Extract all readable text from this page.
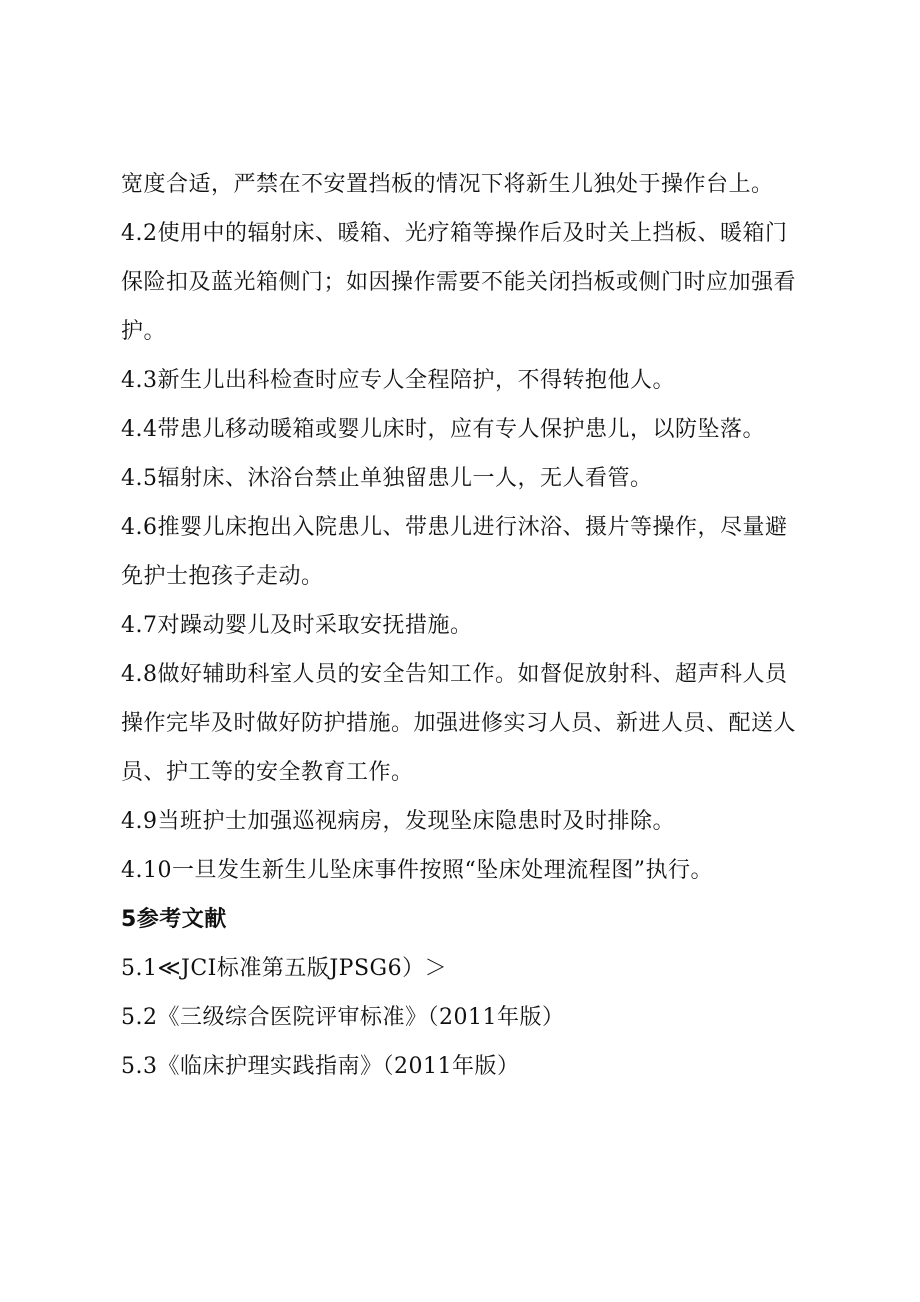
宽度合适，严禁在不安置挡板的情况下将新生儿独处于操作台上。
4.2使用中的辐射床、暖箱、光疗箱等操作后及时关上挡板、暖箱门
保险扣及蓝光箱侧门；如因操作需要不能关闭挡板或侧门时应加强看
护。
4.3新生儿出科检查时应专人全程陪护，不得转抱他人。
4.4带患儿移动暖箱或婴儿床时，应有专人保护患儿，以防坠落。
4.5辐射床、沐浴台禁止单独留患儿一人，无人看管。
4.6推婴儿床抱出入院患儿、带患儿进行沐浴、摄片等操作，尽量避
免护士抱孩子走动。
4.7对躁动婴儿及时采取安抚措施。
4.8做好辅助科室人员的安全告知工作。如督促放射科、超声科人员
操作完毕及时做好防护措施。加强进修实习人员、新进人员、配送人
员、护工等的安全教育工作。
4.9当班护士加强巡视病房，发现坠床隐患时及时排除。
4.10一旦发生新生儿坠床事件按照“坠床处理流程图”执行。
5参考文献
5.1≪JCI标准第五版JPSG6）＞
5.2《三级综合医院评审标准》（2011年版）
5.3《临床护理实践指南》（2011年版）
